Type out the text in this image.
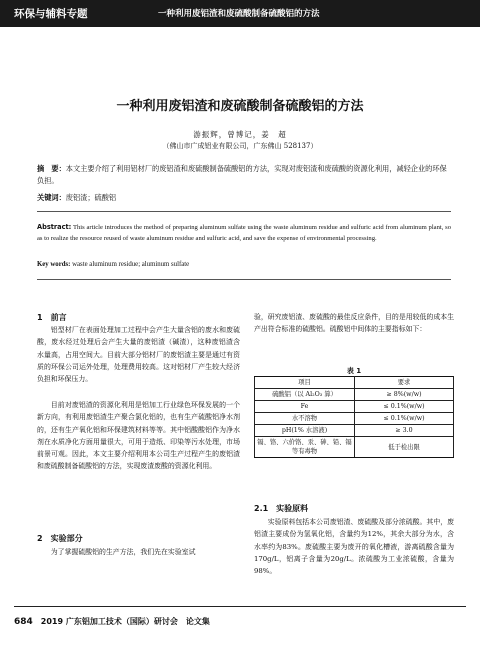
环保与辅料专题	一种利用废铝渣和废硫酸制备硫酸铝的方法
一种利用废铝渣和废硫酸制备硫酸铝的方法
游振辉，曾博记，姜　超
（佛山市广成铝业有限公司，广东佛山 528137）
摘　要：本文主要介绍了利用铝材厂的废铝渣和废硫酸制备硫酸铝的方法，实现对废铝渣和废硫酸的资源化利用，减轻企业的环保负担。
关键词：废铝渣；硫酸铝
Abstract: This article introduces the method of preparing aluminum sulfate using the waste aluminum residue and sulfuric acid from aluminum plant, so as to realize the resource reused of waste aluminum residue and sulfuric acid, and save the expense of environmental processing.
Key words: waste aluminum residue; aluminum sulfate
1　前言
铝型材厂在表面处理加工过程中会产生大量含铝的废水和废硫酸，废水经过处理后会产生大量的废铝渣（碱渣），这种废铝渣含水量高，占用空间大。目前大部分铝材厂的废铝渣主要是通过有资质的环保公司运外处理，处理费用较高。这对铝材厂产生较大经济负担和环保压力。
目前对废铝渣的资源化利用是铝加工行业绿色环保发展的一个新方向，有利用废铝渣生产聚合氯化铝的，也有生产硫酸铝净水剂的，还有生产氧化铝和环保建筑材料等等。其中铝酸酸铝作为净水剂在水质净化方面用量很大，可用于造纸、印染等污水处理，市场前景可观。因此，本文主要介绍利用本公司生产过程产生的废铝渣和废硫酸制备硫酸铝的方法，实现废渣废酸的资源化利用。
2　实验部分
为了掌握硫酸铝的生产方法，我们先在实验室试
验，研究废铝渣、废硫酸的最佳反应条件，目的是用较低的成本生产出符合标准的硫酸铝。硫酸铝中间体的主要指标如下：
表 1
项目	要求
硫酸铝（以 Al₂O₃ 算）	≥ 8%(w/w)
Fe	≤ 0.1%(w/w)
水不溶物	≤ 0.1%(w/w)
pH(1% 水溶液)	≥ 3.0
镉、铬、六价铬、汞、砷、铅、镉等有毒物	低于检出限
2.1　实验原料
实验原料包括本公司废铝渣、废硫酸及部分浓硫酸。其中，废铝渣主要成份为氢氧化铝，含量约为12%，其余大部分为水，含水率约为83%。废硫酸主要为废开的氧化槽液，游离硫酸含量为170g/L，铝离子含量为20g/L。浓硫酸为工业浓硫酸，含量为98%。
684 2019 广东铝加工技术（国际）研讨会　论文集
